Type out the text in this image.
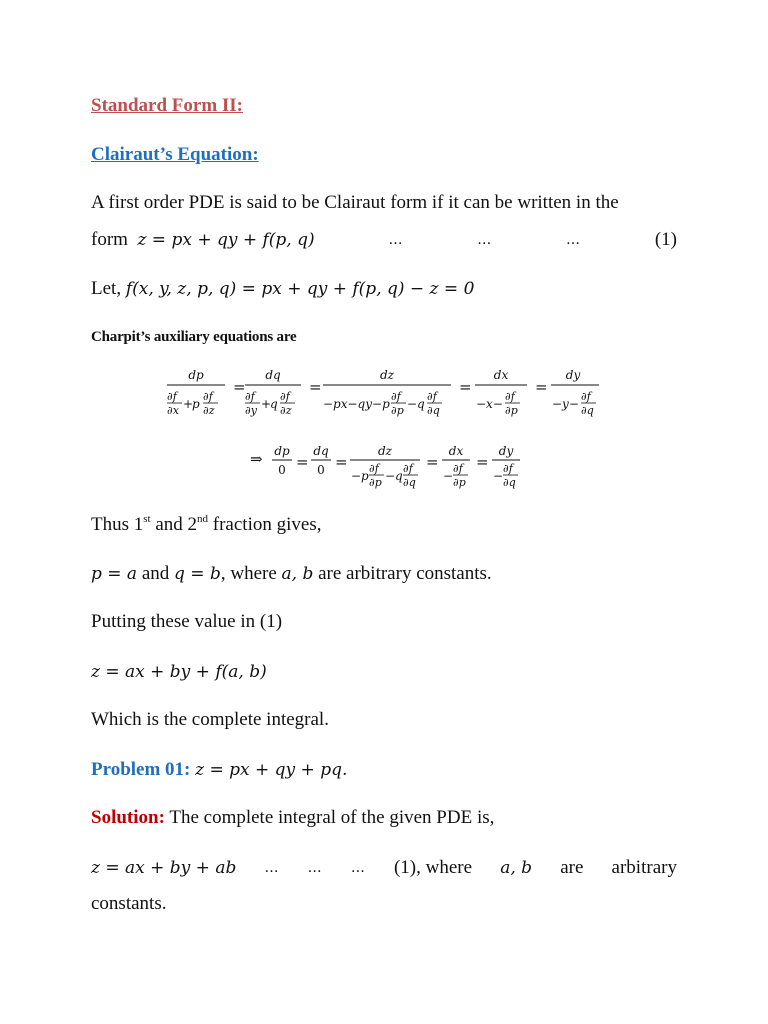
Standard Form II:
Clairaut’s Equation:
A first order PDE is said to be Clairaut form if it can be written in the
form z = px + qy + f(p, q)	…	…	…	(1)
Let, f(x, y, z, p, q) = px + qy + f(p, q) − z = 0
Charpit’s auxiliary equations are
dp
∂f
∂x +
p
∂f
∂z
=
dq
∂f
∂y +
q
∂f
∂z
=
dz
−px−qy−p
∂f
∂p −q
∂f
∂q
=
dx
−x−
∂f
∂p
=
dy
−y−
∂f
∂q
⇒ dp
0 =
dq
0 =
dz
−p
∂f
∂p −q
∂f
∂q
=
dx
−
∂f
∂p
=
dy
−
∂f
∂q
Thus 1st and 2nd fraction gives,
p = a and q = b, where a, b are arbitrary constants.
Putting these value in (1)
z = ax + by + f(a, b)
Which is the complete integral.
Problem 01: z = px + qy + pq.
Solution: The complete integral of the given PDE is,
z = ax + by + ab … … … (1), where a, b are arbitrary
constants.
